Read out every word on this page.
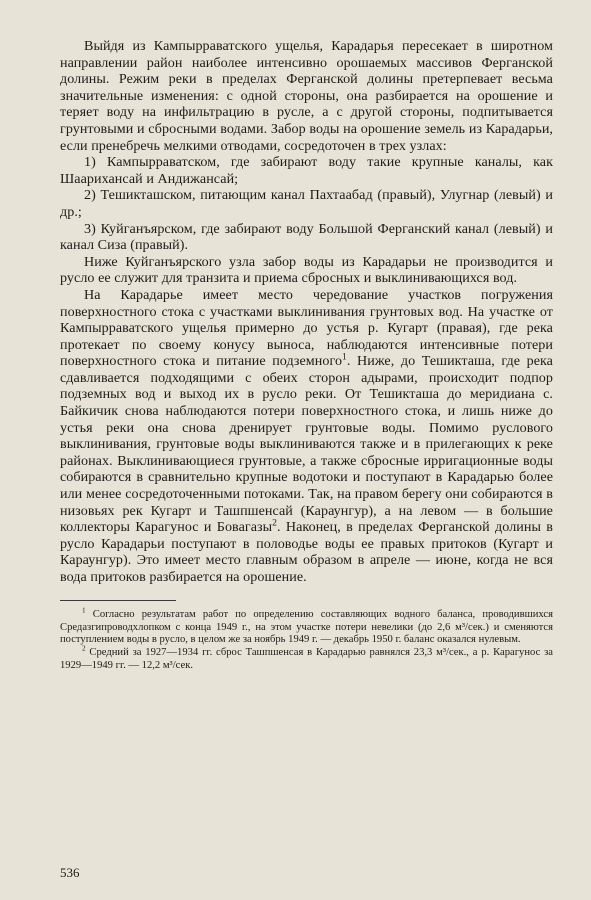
Выйдя из Кампырраватского ущелья, Карадарья пересекает в широтном направлении район наиболее интенсивно орошаемых массивов Ферганской долины. Режим реки в пределах Ферганской долины претерпевает весьма значительные изменения: с одной стороны, она разбирается на орошение и теряет воду на инфильтрацию в русле, а с другой стороны, подпитывается грунтовыми и сбросными водами. Забор воды на орошение земель из Карадарьи, если пренебречь мелкими отводами, сосредоточен в трех узлах:

1) Кампырраватском, где забирают воду такие крупные каналы, как Шаарихансай и Андижансай;

2) Тешикташском, питающим канал Пахтаабад (правый), Улугнар (левый) и др.;

3) Куйганъярском, где забирают воду Большой Ферганский канал (левый) и канал Сиза (правый).

Ниже Куйганъярского узла забор воды из Карадарьи не производится и русло ее служит для транзита и приема сбросных и выклинивающихся вод.

На Карадарье имеет место чередование участков погружения поверхностного стока с участками выклинивания грунтовых вод. На участке от Кампырраватского ущелья примерно до устья р. Кугарт (правая), где река протекает по своему конусу выноса, наблюдаются интенсивные потери поверхностного стока и питание подземного$^1$. Ниже, до Тешикташа, где река сдавливается подходящими с обеих сторон адырами, происходит подпор подземных вод и выход их в русло реки. От Тешикташа до меридиана с. Байкичик снова наблюдаются потери поверхностного стока, и лишь ниже до устья реки она снова дренирует грунтовые воды. Помимо руслового выклинивания, грунтовые воды выклиниваются также и в прилегающих к реке районах. Выклинивающиеся грунтовые, а также сбросные ирригационные воды собираются в сравнительно крупные водотоки и поступают в Карадарью более или менее сосредоточенными потоками. Так, на правом берегу они собираются в низовьях рек Кугарт и Ташпшенсай (Караунгур), а на левом — в большие коллекторы Карагунос и Бовагазы$^2$. Наконец, в пределах Ферганской долины в русло Карадарьи поступают в половодье воды ее правых притоков (Кугарт и Караунгур). Это имеет место главным образом в апреле — июне, когда не вся вода притоков разбирается на орошение.

$^1$ Согласно результатам работ по определению составляющих водного баланса, проводившихся Средазгипроводхлопком с конца 1949 г., на этом участке потери невелики (до 2,6 м³/сек.) и сменяются поступлением воды в русло, в целом же за ноябрь 1949 г. — декабрь 1950 г. баланс оказался нулевым.

$^2$ Средний за 1927—1934 гг. сброс Ташпшенсая в Карадарью равнялся 23,3 м³/сек., а р. Карагунос за 1929—1949 гг. — 12,2 м³/сек.

536
